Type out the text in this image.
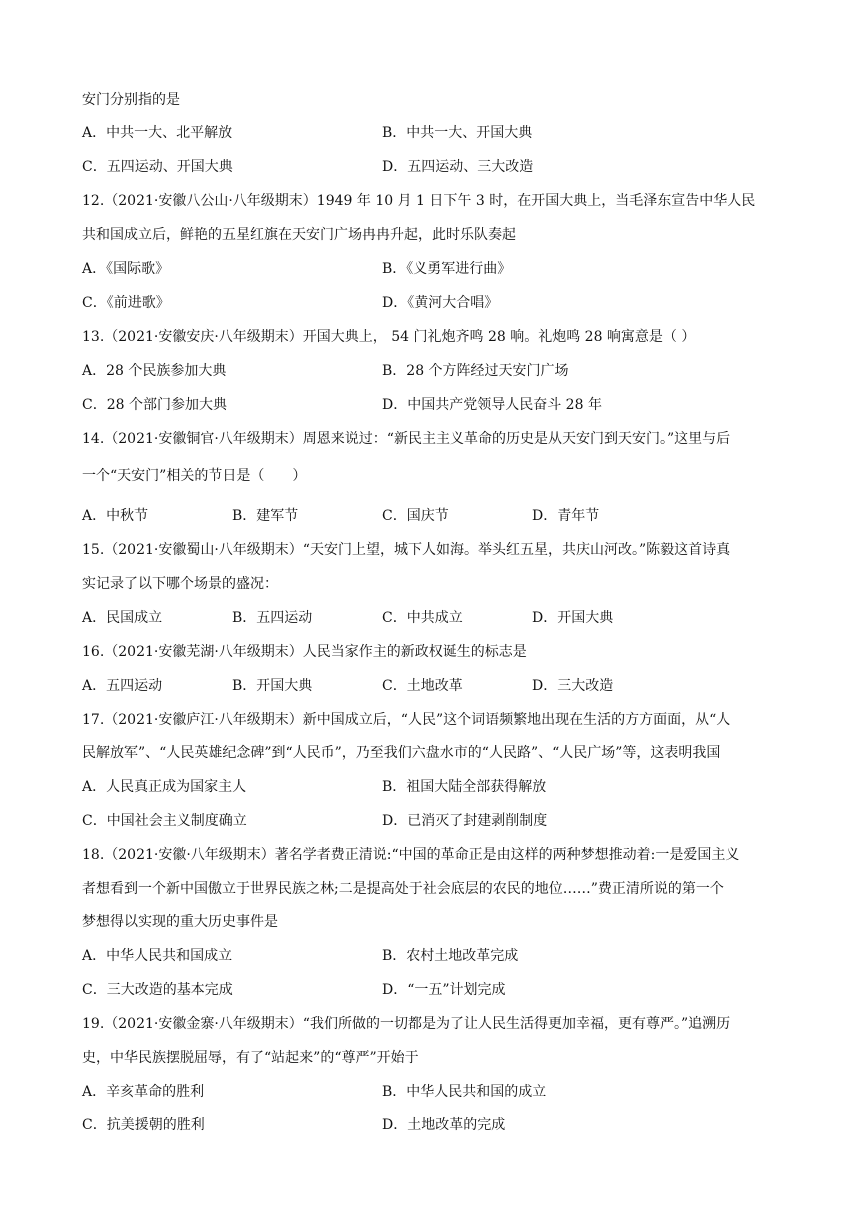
安门分别指的是
A．中共一大、北平解放	B．中共一大、开国大典
C．五四运动、开国大典	D．五四运动、三大改造
12.（2021·安徽八公山·八年级期末）1949 年 10 月 1 日下午 3 时，在开国大典上，当毛泽东宣告中华人民
共和国成立后，鲜艳的五星红旗在天安门广场冉冉升起，此时乐队奏起
A．《国际歌》	B．《义勇军进行曲》
C．《前进歌》	D．《黄河大合唱》
13.（2021·安徽安庆·八年级期末）开国大典上， 54 门礼炮齐鸣 28 响。礼炮鸣 28 响寓意是（ ）
A．28 个民族参加大典	B．28 个方阵经过天安门广场
C．28 个部门参加大典	D．中国共产党领导人民奋斗 28 年
14.（2021·安徽铜官·八年级期末）周恩来说过：“新民主主义革命的历史是从天安门到天安门。”这里与后
一个“天安门”相关的节日是（　　）
A．中秋节	B．建军节	C．国庆节	D．青年节
15.（2021·安徽蜀山·八年级期末）“天安门上望，城下人如海。举头红五星，共庆山河改。”陈毅这首诗真
实记录了以下哪个场景的盛况：
A．民国成立	B．五四运动	C．中共成立	D．开国大典
16.（2021·安徽芜湖·八年级期末）人民当家作主的新政权诞生的标志是
A．五四运动	B．开国大典	C．土地改革	D．三大改造
17.（2021·安徽庐江·八年级期末）新中国成立后，“人民”这个词语频繁地出现在生活的方方面面，从“人
民解放军”、“人民英雄纪念碑”到“人民币”，乃至我们六盘水市的“人民路”、“人民广场”等，这表明我国
A．人民真正成为国家主人	B．祖国大陆全部获得解放
C．中国社会主义制度确立	D．已消灭了封建剥削制度
18.（2021·安徽·八年级期末）著名学者费正清说:“中国的革命正是由这样的两种梦想推动着:一是爱国主义
者想看到一个新中国傲立于世界民族之林;二是提高处于社会底层的农民的地位……”费正清所说的第一个
梦想得以实现的重大历史事件是
A．中华人民共和国成立	B．农村土地改革完成
C．三大改造的基本完成	D．“一五”计划完成
19.（2021·安徽金寨·八年级期末）“我们所做的一切都是为了让人民生活得更加幸福，更有尊严。”追溯历
史，中华民族摆脱屈辱，有了“站起来”的“尊严”开始于
A．辛亥革命的胜利	B．中华人民共和国的成立
C．抗美援朝的胜利	D．土地改革的完成
